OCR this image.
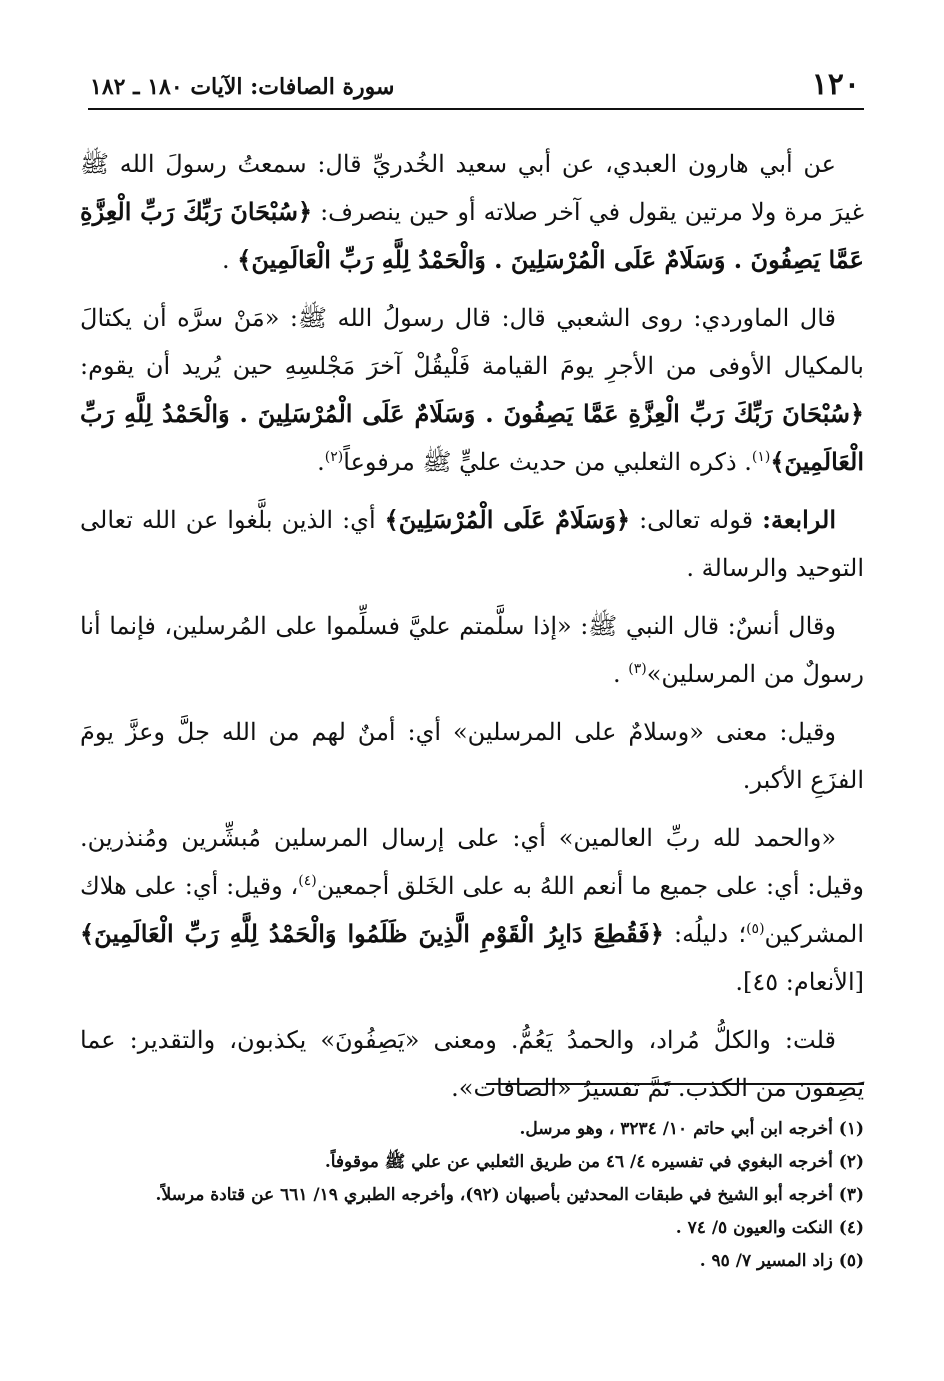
١٢٠
سورة الصافات: الآيات ١٨٠ ـ ١٨٢

عن أبي هارون العبدي، عن أبي سعيد الخُدريِّ قال: سمعتُ رسولَ الله ﷺ غيرَ مرة ولا مرتين يقول في آخر صلاته أو حين ينصرف: ﴿سُبْحَانَ رَبِّكَ رَبِّ الْعِزَّةِ عَمَّا يَصِفُونَ . وَسَلَامٌ عَلَى الْمُرْسَلِينَ . وَالْحَمْدُ لِلَّهِ رَبِّ الْعَالَمِينَ﴾ .

قال الماوردي: روى الشعبي قال: قال رسولُ الله ﷺ: «مَنْ سرَّه أن يكتالَ بالمكيال الأوفى من الأجرِ يومَ القيامة فَلْيقُلْ آخرَ مَجْلسِهِ حين يُريد أن يقوم: ﴿سُبْحَانَ رَبِّكَ رَبِّ الْعِزَّةِ عَمَّا يَصِفُونَ . وَسَلَامٌ عَلَى الْمُرْسَلِينَ . وَالْحَمْدُ لِلَّهِ رَبِّ الْعَالَمِينَ﴾$^{(١)}$. ذكره الثعلبي من حديث عليٍّ ﷺ مرفوعاً$^{(٢)}$.

الرابعة: قوله تعالى: ﴿وَسَلَامٌ عَلَى الْمُرْسَلِينَ﴾ أي: الذين بلَّغوا عن الله تعالى التوحيد والرسالة .

وقال أنسٌ: قال النبي ﷺ: «إذا سلَّمتم عليَّ فسلِّموا على المُرسلين، فإنما أنا رسولٌ من المرسلين»$^{(٣)}$ .

وقيل: معنى «وسلامٌ على المرسلين» أي: أمنٌ لهم من الله جلَّ وعزَّ يومَ الفزَعِ الأكبر.

«والحمد لله ربِّ العالمين» أي: على إرسال المرسلين مُبشِّرين ومُنذرين. وقيل: أي: على جميع ما أنعم اللهُ به على الخَلق أجمعين$^{(٤)}$، وقيل: أي: على هلاك المشركين$^{(٥)}$؛ دليلُه: ﴿فَقُطِعَ دَابِرُ الْقَوْمِ الَّذِينَ ظَلَمُوا وَالْحَمْدُ لِلَّهِ رَبِّ الْعَالَمِينَ﴾ [الأنعام: ٤٥].

قلت: والكلُّ مُراد، والحمدُ يَعُمُّ. ومعنى «يَصِفُونَ» يكذبون، والتقدير: عما يَصِفون من الكذب. تَمَّ تفسيرُ «الصافات».

(١) أخرجه ابن أبي حاتم ١٠/ ٣٢٣٤ ، وهو مرسل.
(٢) أخرجه البغوي في تفسيره ٤/ ٤٦ من طريق الثعلبي عن علي ﷺ موقوفاً.
(٣) أخرجه أبو الشيخ في طبقات المحدثين بأصبهان (٩٢)، وأخرجه الطبري ١٩/ ٦٦١ عن قتادة مرسلاً.
(٤) النكت والعيون ٥/ ٧٤ .
(٥) زاد المسير ٧/ ٩٥ .
